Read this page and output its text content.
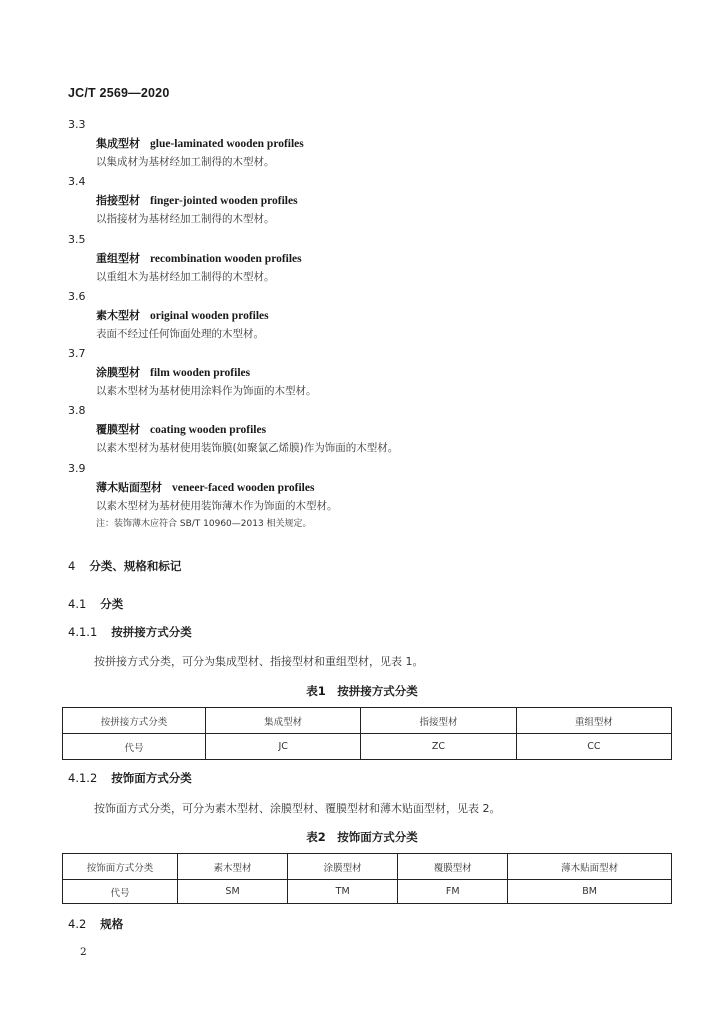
JC/T 2569—2020
3.3
集成型材 glue-laminated wooden profiles
以集成材为基材经加工制得的木型材。
3.4
指接型材 finger-jointed wooden profiles
以指接材为基材经加工制得的木型材。
3.5
重组型材 recombination wooden profiles
以重组木为基材经加工制得的木型材。
3.6
素木型材 original wooden profiles
表面不经过任何饰面处理的木型材。
3.7
涂膜型材 film wooden profiles
以素木型材为基材使用涂料作为饰面的木型材。
3.8
覆膜型材 coating wooden profiles
以素木型材为基材使用装饰膜(如聚氯乙烯膜)作为饰面的木型材。
3.9
薄木贴面型材 veneer-faced wooden profiles
以素木型材为基材使用装饰薄木作为饰面的木型材。
注：装饰薄木应符合 SB/T 10960—2013 相关规定。
4 分类、规格和标记
4.1 分类
4.1.1 按拼接方式分类
按拼接方式分类，可分为集成型材、指接型材和重组型材，见表 1。
表1　按拼接方式分类
按拼接方式分类	集成型材	指接型材	重组型材
代号	JC	ZC	CC
4.1.2 按饰面方式分类
按饰面方式分类，可分为素木型材、涂膜型材、覆膜型材和薄木贴面型材，见表 2。
表2　按饰面方式分类
按饰面方式分类	素木型材	涂膜型材	覆膜型材	薄木贴面型材
代号	SM	TM	FM	BM
4.2 规格
2
